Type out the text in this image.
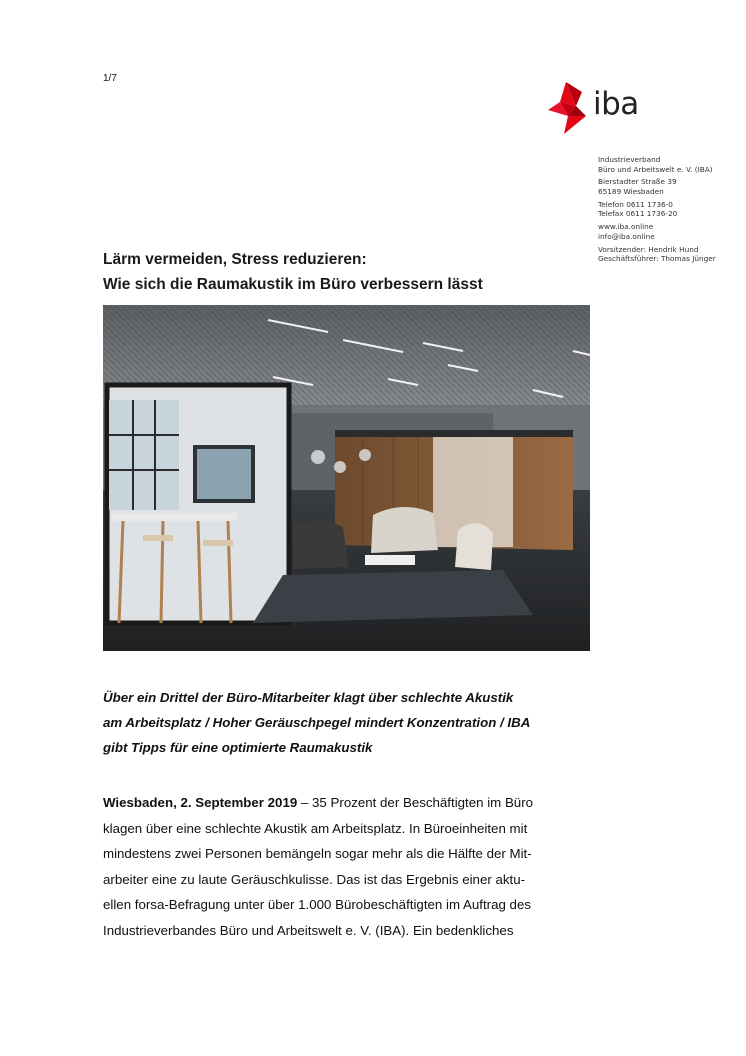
1/7
iba
Industrieverband
Büro und Arbeitswelt e. V. (IBA)
Bierstadter Straße 39
65189 Wiesbaden
Telefon 0611 1736-0
Telefax 0611 1736-20
www.iba.online
info@iba.online
Vorsitzender: Hendrik Hund
Geschäftsführer: Thomas Jünger
Lärm vermeiden, Stress reduzieren:
Wie sich die Raumakustik im Büro verbessern lässt
Über ein Drittel der Büro-Mitarbeiter klagt über schlechte Akustik
am Arbeitsplatz / Hoher Geräuschpegel mindert Konzentration / IBA
gibt Tipps für eine optimierte Raumakustik
Wiesbaden, 2. September 2019 – 35 Prozent der Beschäftigten im Büro
klagen über eine schlechte Akustik am Arbeitsplatz. In Büroeinheiten mit
mindestens zwei Personen bemängeln sogar mehr als die Hälfte der Mit-
arbeiter eine zu laute Geräuschkulisse. Das ist das Ergebnis einer aktu-
ellen forsa-Befragung unter über 1.000 Bürobeschäftigten im Auftrag des
Industrieverbandes Büro und Arbeitswelt e. V. (IBA). Ein bedenkliches
